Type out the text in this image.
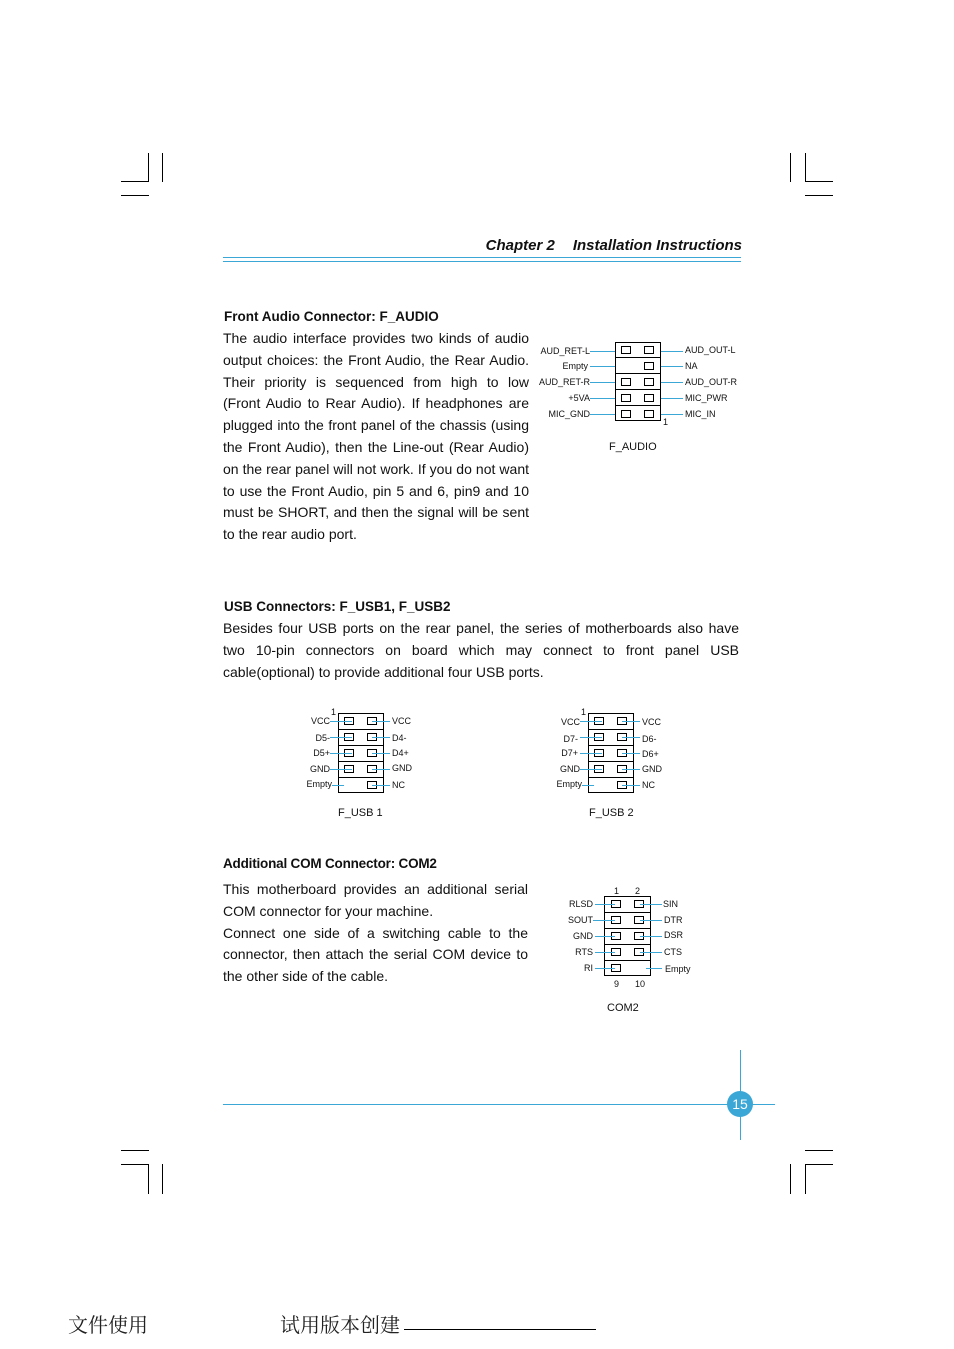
Chapter 2 Installation Instructions
Front Audio Connector: F_AUDIO

The audio interface provides two kinds of audio output choices: the Front Audio, the Rear Audio. Their priority is sequenced from high to low (Front Audio to Rear Audio). If headphones are plugged into the front panel of the chassis (using the Front Audio), then the Line-out (Rear Audio) on the rear panel will not work. If you do not want to use the Front Audio, pin 5 and 6, pin9 and 10 must be SHORT, and then the signal will be sent to the rear audio port.

AUD_RET-L
Empty
AUD_RET-R
+5VA
MIC_GND
AUD_OUT-L
NA
AUD_OUT-R
MIC_PWR
MIC_IN
1
F_AUDIO
USB Connectors: F_USB1, F_USB2

Besides four USB ports on the rear panel, the series of motherboards also have two 10-pin connectors on board which may connect to front panel USB cable(optional) to provide additional four USB ports.

1
VCC
D5-
D5+
GND
Empty
VCC
D4-
D4+
GND
NC
F_USB 1
1
VCC
D7-
D7+
GND
Empty
VCC
D6-
D6+
GND
NC
F_USB 2
Additional COM Connector: COM2

This motherboard provides an additional serial COM connector for your machine.

Connect one side of a switching cable to the connector, then attach the serial COM device to the other side of the cable.

1 2
RLSD
SOUT
GND
RTS
RI
SIN
DTR
DSR
CTS
Empty
9 10
COM2
15
文件使用	试用版本创建
